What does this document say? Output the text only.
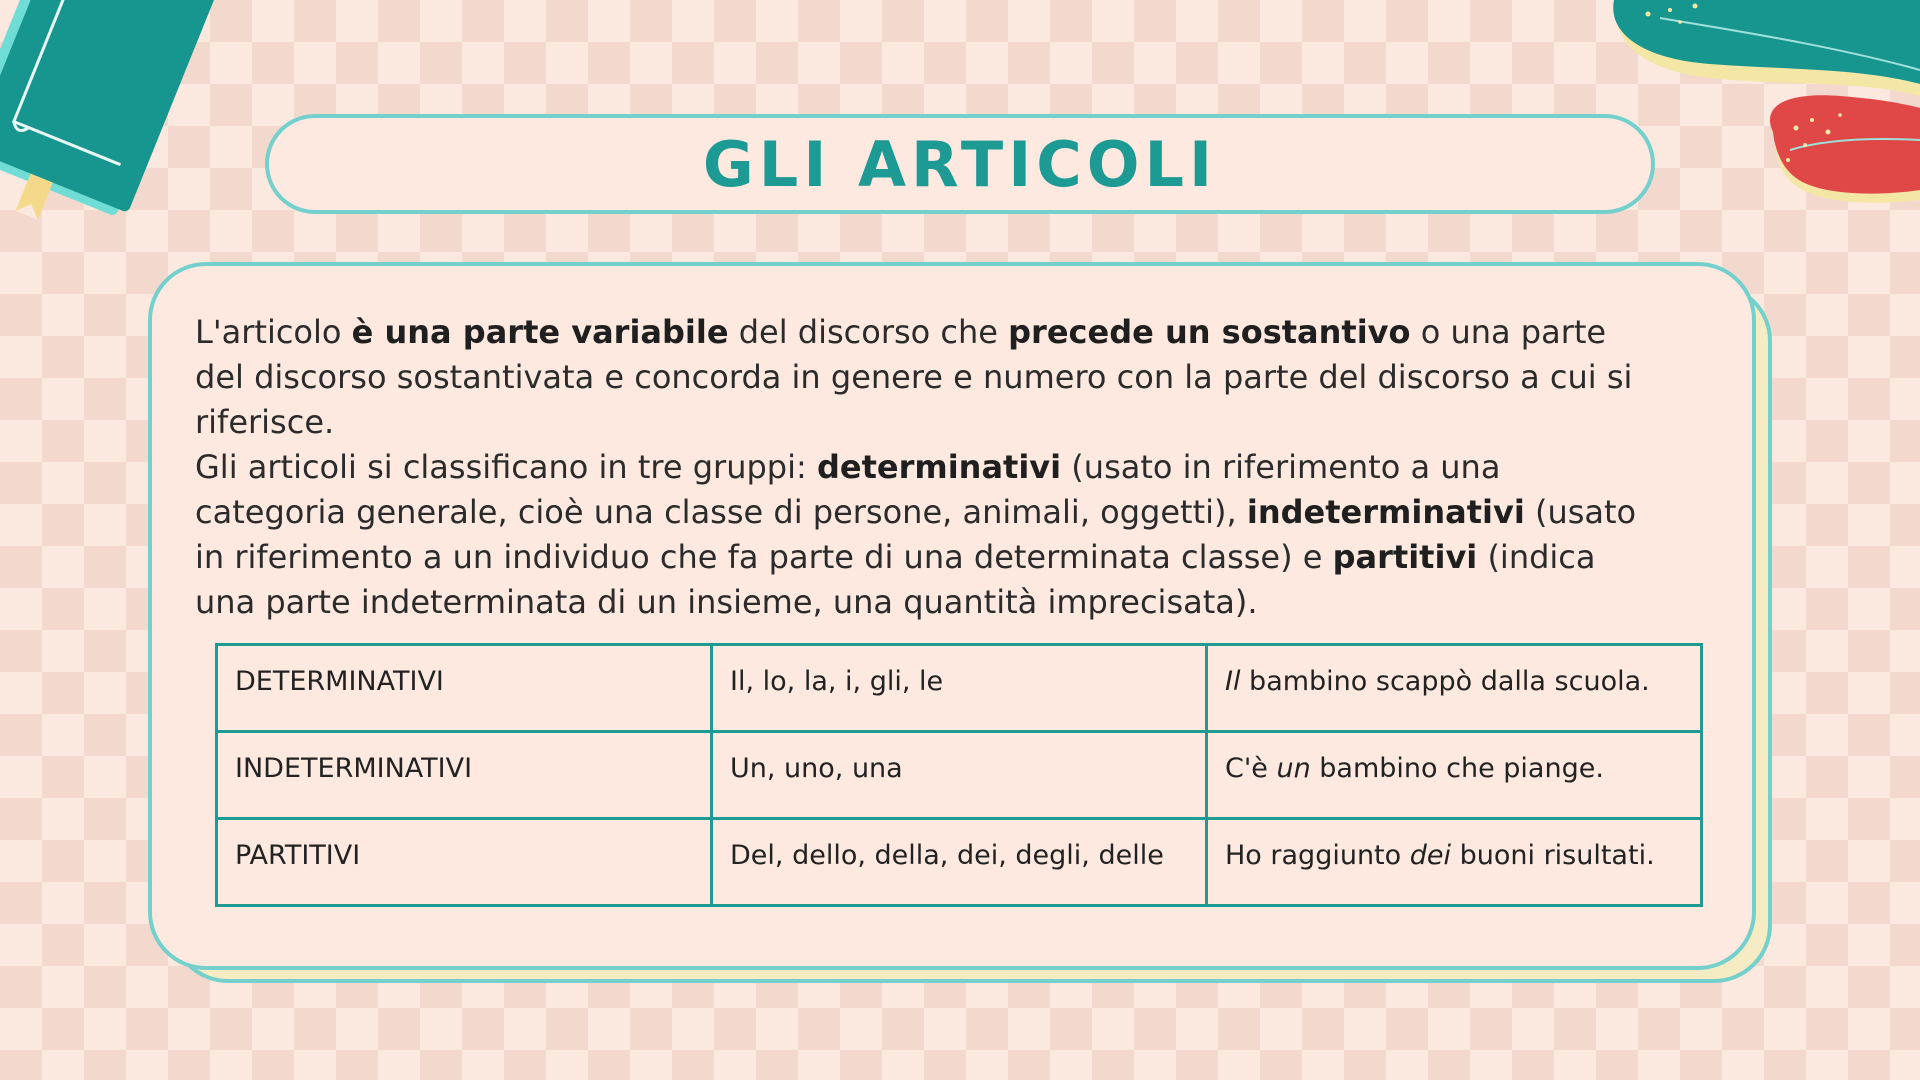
GLI ARTICOLI

L'articolo è una parte variabile del discorso che precede un sostantivo o una parte del discorso sostantivata e concorda in genere e numero con la parte del discorso a cui si riferisce.
Gli articoli si classificano in tre gruppi: determinativi (usato in riferimento a una categoria generale, cioè una classe di persone, animali, oggetti), indeterminativi (usato in riferimento a un individuo che fa parte di una determinata classe) e partitivi (indica una parte indeterminata di un insieme, una quantità imprecisata).

DETERMINATIVI	Il, lo, la, i, gli, le	Il bambino scappò dalla scuola.
INDETERMINATIVI	Un, uno, una	C'è un bambino che piange.
PARTITIVI	Del, dello, della, dei, degli, delle	Ho raggiunto dei buoni risultati.
